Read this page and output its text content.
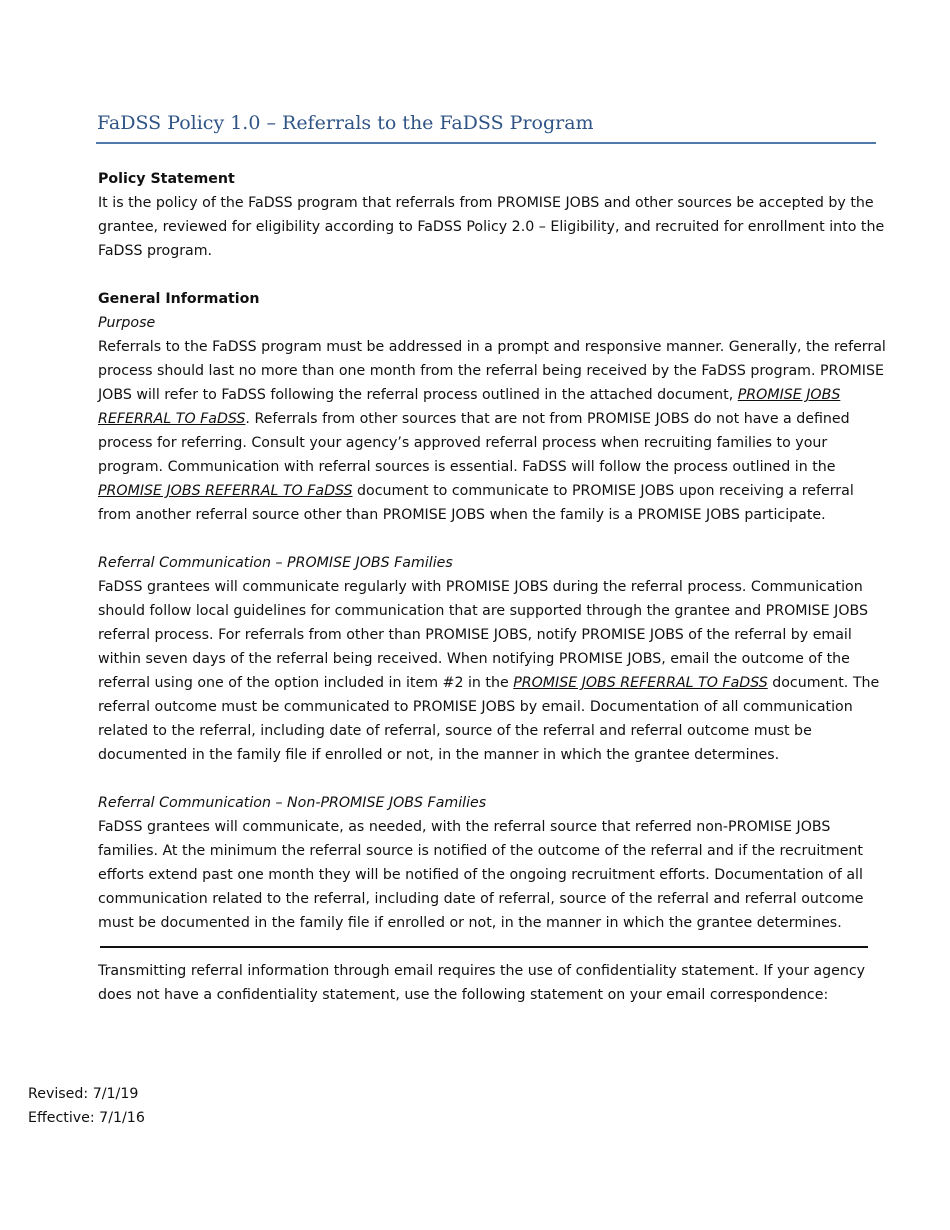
FaDSS Policy 1.0 – Referrals to the FaDSS Program

Policy Statement

It is the policy of the FaDSS program that referrals from PROMISE JOBS and other sources be accepted by the grantee, reviewed for eligibility according to FaDSS Policy 2.0 – Eligibility, and recruited for enrollment into the FaDSS program.

General Information

Purpose

Referrals to the FaDSS program must be addressed in a prompt and responsive manner. Generally, the referral process should last no more than one month from the referral being received by the FaDSS program. PROMISE JOBS will refer to FaDSS following the referral process outlined in the attached document, PROMISE JOBS REFERRAL TO FaDSS. Referrals from other sources that are not from PROMISE JOBS do not have a defined process for referring. Consult your agency’s approved referral process when recruiting families to your program. Communication with referral sources is essential. FaDSS will follow the process outlined in the PROMISE JOBS REFERRAL TO FaDSS document to communicate to PROMISE JOBS upon receiving a referral from another referral source other than PROMISE JOBS when the family is a PROMISE JOBS participate.

Referral Communication – PROMISE JOBS Families

FaDSS grantees will communicate regularly with PROMISE JOBS during the referral process. Communication should follow local guidelines for communication that are supported through the grantee and PROMISE JOBS referral process. For referrals from other than PROMISE JOBS, notify PROMISE JOBS of the referral by email within seven days of the referral being received. When notifying PROMISE JOBS, email the outcome of the referral using one of the option included in item #2 in the PROMISE JOBS REFERRAL TO FaDSS document. The referral outcome must be communicated to PROMISE JOBS by email. Documentation of all communication related to the referral, including date of referral, source of the referral and referral outcome must be documented in the family file if enrolled or not, in the manner in which the grantee determines.

Referral Communication – Non-PROMISE JOBS Families

FaDSS grantees will communicate, as needed, with the referral source that referred non-PROMISE JOBS families. At the minimum the referral source is notified of the outcome of the referral and if the recruitment efforts extend past one month they will be notified of the ongoing recruitment efforts. Documentation of all communication related to the referral, including date of referral, source of the referral and referral outcome must be documented in the family file if enrolled or not, in the manner in which the grantee determines.

Transmitting referral information through email requires the use of confidentiality statement. If your agency does not have a confidentiality statement, use the following statement on your email correspondence:

Revised: 7/1/19
Effective: 7/1/16
